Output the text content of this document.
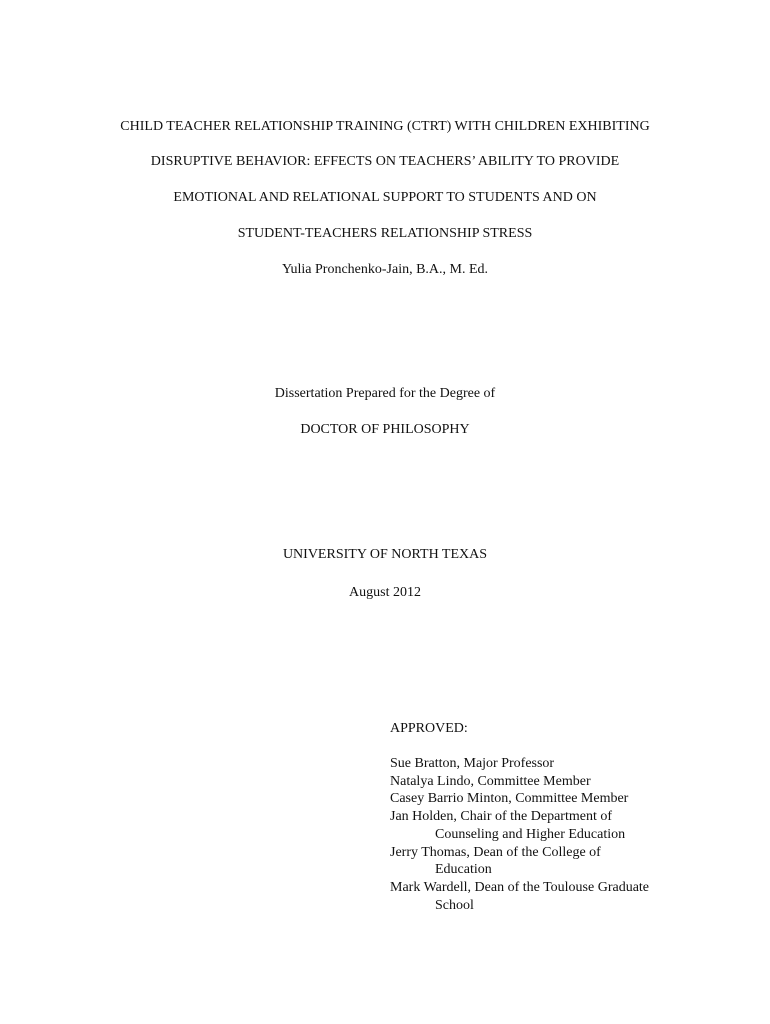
CHILD TEACHER RELATIONSHIP TRAINING (CTRT) WITH CHILDREN EXHIBITING
DISRUPTIVE BEHAVIOR: EFFECTS ON TEACHERS’ ABILITY TO PROVIDE
EMOTIONAL AND RELATIONAL SUPPORT TO STUDENTS AND ON
STUDENT-TEACHERS RELATIONSHIP STRESS
Yulia Pronchenko-Jain, B.A., M. Ed.
Dissertation Prepared for the Degree of
DOCTOR OF PHILOSOPHY
UNIVERSITY OF NORTH TEXAS
August 2012
APPROVED:
Sue Bratton, Major Professor
Natalya Lindo, Committee Member
Casey Barrio Minton, Committee Member
Jan Holden, Chair of the Department of
Counseling and Higher Education
Jerry Thomas, Dean of the College of
Education
Mark Wardell, Dean of the Toulouse Graduate
School
